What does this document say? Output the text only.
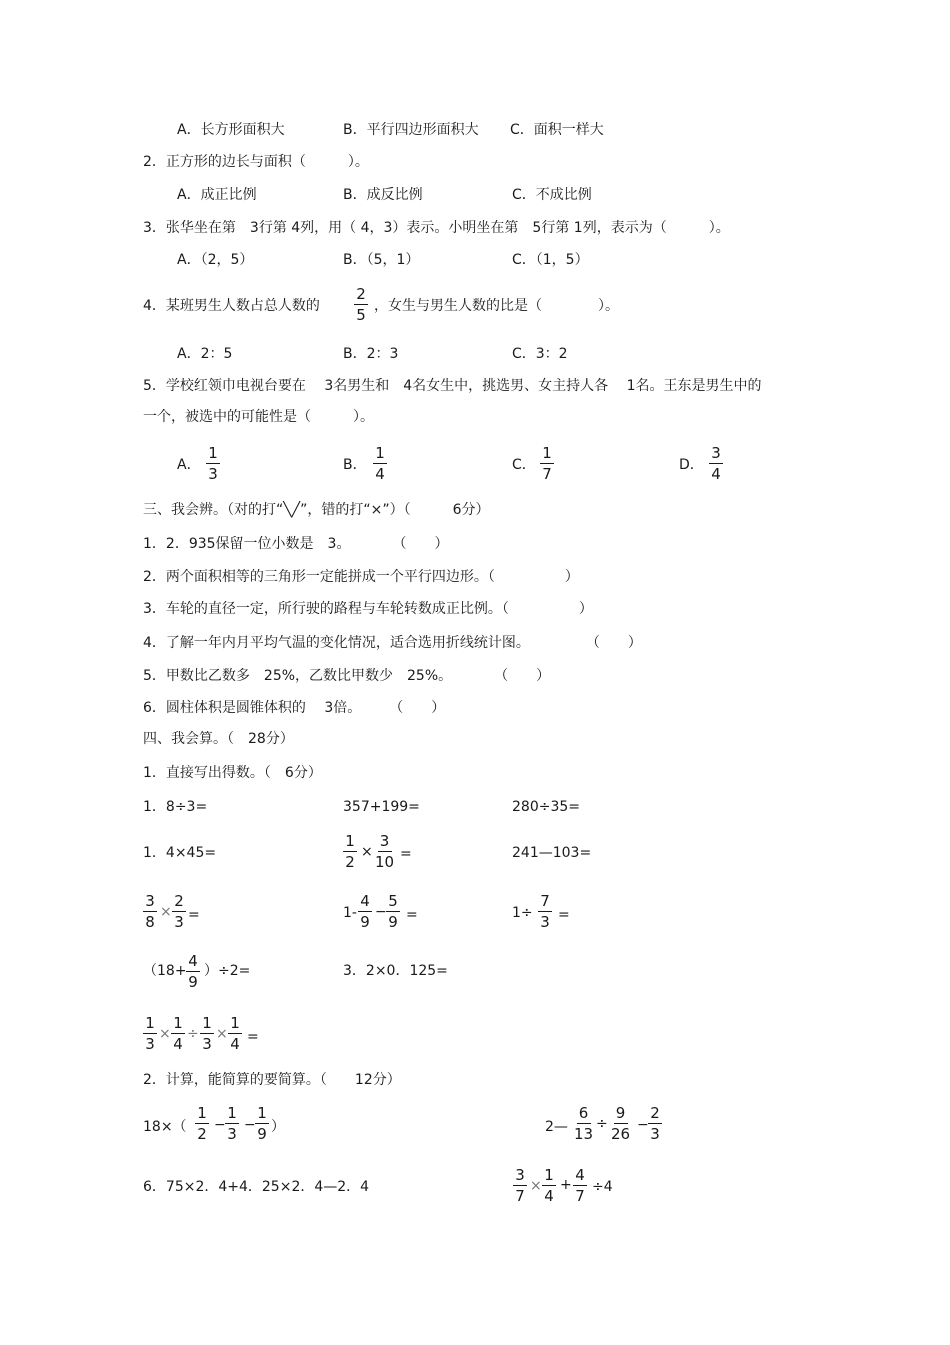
A．长方形面积大	B．平行四边形面积大 C．面积一样大
2．正方形的边长与面积（　　　）。
A．成正比例	B．成反比例	C．不成比例
3．张华坐在第　3行第 4列，用（ 4，3）表示。小明坐在第　5行第 1列，表示为（　　　）。
A．（2，5）	B．（5，1）	C．（1，5）
4．某班男生人数占总人数的 $\frac{2}{5}$ ，女生与男生人数的比是（　　　　）。
A．2：5	B．2：3	C．3：2
5．学校红领巾电视台要在　 3名男生和　4名女生中，挑选男、女主持人各　 1名。王东是男生中的
一个，被选中的可能性是（　　　）。
A． $\frac{1}{3}$	B． $\frac{1}{4}$	C． $\frac{1}{7}$	D． $\frac{3}{4}$
三、我会辨。（对的打“╲╱”，错的打“×”）（　　　6分）
1．2．935保留一位小数是　3。　　　　（　　）
2．两个面积相等的三角形一定能拼成一个平行四边形。（　　　　　）
3．车轮的直径一定，所行驶的路程与车轮转数成正比例。（　　　　　）
4．了解一年内月平均气温的变化情况，适合选用折线统计图。　　　　　（　　）
5．甲数比乙数多　25%，乙数比甲数少　25%。　　　　（　　）
6．圆柱体积是圆锥体积的　 3倍。　　　（　　）
四、我会算。（　28分）
1．直接写出得数。（　6分）
1．8÷3=	357+199=	280÷35=
1．4×45=	$\frac{1}{2} \times \frac{3}{10}$ =	241—103=
$\frac{3}{8} \times \frac{2}{3}$ =	$1- \frac{4}{9} - \frac{5}{9}$ =	$1\div \frac{7}{3}$ =
$(18+ \frac{4}{9} )\div 2=$	3．2×0．125=
$\frac{1}{3} \times \frac{1}{4} \div \frac{1}{3} \times \frac{1}{4}$ =
2．计算，能简算的要简算。（　　12分）
$18\times( \frac{1}{2} - \frac{1}{3} - \frac{1}{9}$ ）	2— $\frac{6}{13} \div \frac{9}{26} - \frac{2}{3}$
6．75×2．4+4．25×2．4—2．4	$\frac{3}{7} \times \frac{1}{4} + \frac{4}{7} \div 4$
